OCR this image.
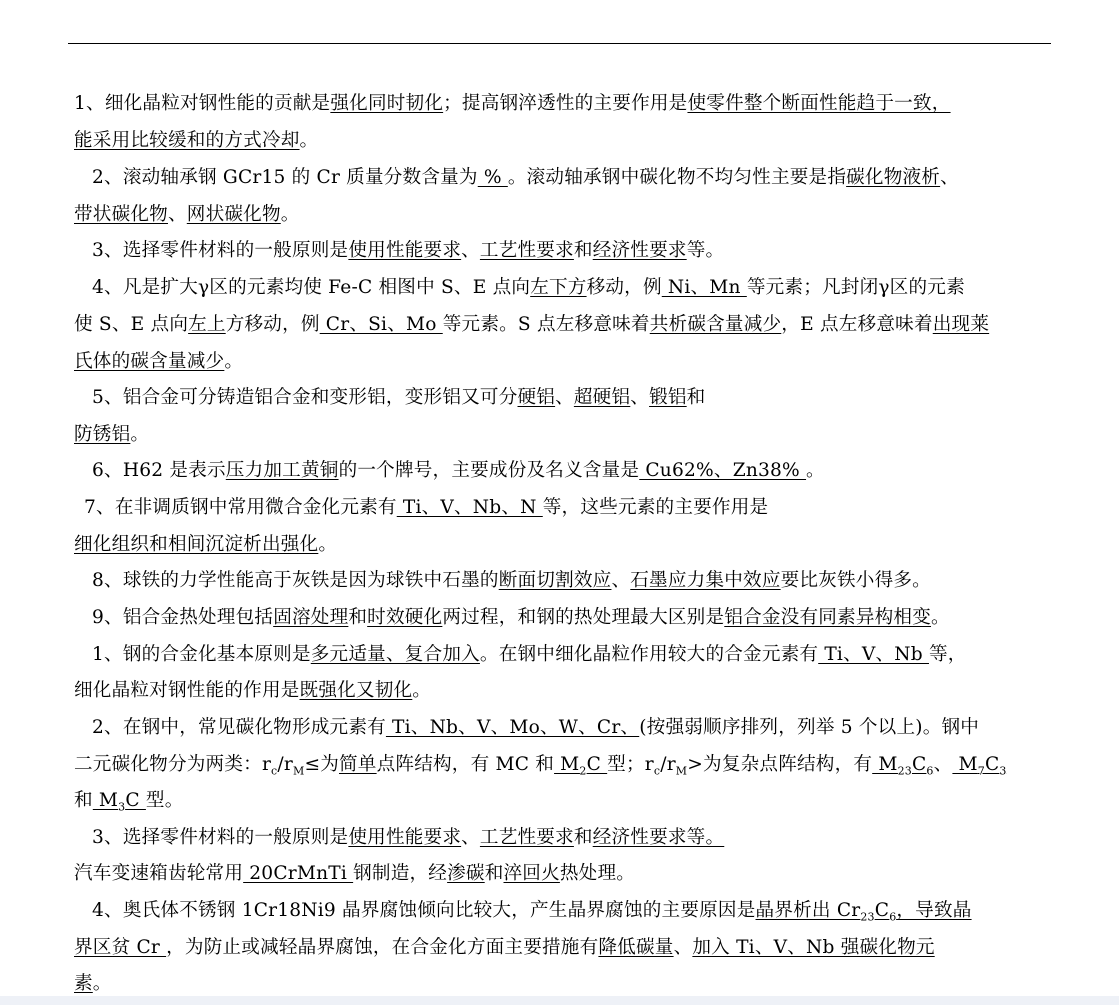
1、细化晶粒对钢性能的贡献是强化同时韧化；提高钢淬透性的主要作用是使零件整个断面性能趋于一致，
能采用比较缓和的方式冷却。
2、滚动轴承钢 GCr15 的 Cr 质量分数含量为 % 。滚动轴承钢中碳化物不均匀性主要是指碳化物液析、
带状碳化物、网状碳化物。
3、选择零件材料的一般原则是使用性能要求、工艺性要求和经济性要求等。
4、凡是扩大γ区的元素均使 Fe-C 相图中 S、E 点向左下方移动，例 Ni、Mn 等元素；凡封闭γ区的元素
使 S、E 点向左上方移动，例 Cr、Si、Mo 等元素。S 点左移意味着共析碳含量减少，E 点左移意味着出现莱
氏体的碳含量减少。
5、铝合金可分铸造铝合金和变形铝，变形铝又可分硬铝、超硬铝、锻铝和
防锈铝。
6、H62 是表示压力加工黄铜的一个牌号，主要成份及名义含量是 Cu62%、Zn38% 。
7、在非调质钢中常用微合金化元素有 Ti、V、Nb、N 等，这些元素的主要作用是
细化组织和相间沉淀析出强化。
8、球铁的力学性能高于灰铁是因为球铁中石墨的断面切割效应、石墨应力集中效应要比灰铁小得多。
9、铝合金热处理包括固溶处理和时效硬化两过程，和钢的热处理最大区别是铝合金没有同素异构相变。
1、钢的合金化基本原则是多元适量、复合加入。在钢中细化晶粒作用较大的合金元素有 Ti、V、Nb 等，
细化晶粒对钢性能的作用是既强化又韧化。
2、在钢中，常见碳化物形成元素有 Ti、Nb、V、Mo、W、Cr、(按强弱顺序排列，列举 5 个以上)。钢中
二元碳化物分为两类：$r_c/r_M\le$为简单点阵结构，有 MC 和 $M_2C$ 型；$r_c/r_M>$为复杂点阵结构，有 $M_{23}C_6$、 $M_7C_3$
和 $M_3C$ 型。
3、选择零件材料的一般原则是使用性能要求、工艺性要求和经济性要求等。
汽车变速箱齿轮常用 20CrMnTi 钢制造，经渗碳和淬回火热处理。
4、奥氏体不锈钢 1Cr18Ni9 晶界腐蚀倾向比较大，产生晶界腐蚀的主要原因是晶界析出 $Cr_{23}C_6$，导致晶
界区贫 Cr ，为防止或减轻晶界腐蚀，在合金化方面主要措施有降低碳量、加入 Ti、V、Nb 强碳化物元
素。
